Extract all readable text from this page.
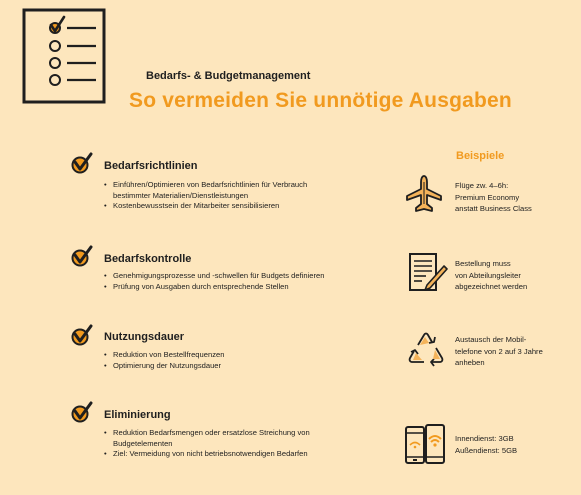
Bedarfs- & Budgetmanagement
So vermeiden Sie unnötige Ausgaben
Beispiele
Bedarfsrichtlinien
• Einführen/Optimieren von Bedarfsrichtlinien für Verbrauch
bestimmter Materialien/Dienstleistungen
• Kostenbewusstsein der Mitarbeiter sensibilisieren
Bedarfskontrolle
• Genehmigungsprozesse und -schwellen für Budgets definieren
• Prüfung von Ausgaben durch entsprechende Stellen
Nutzungsdauer
• Reduktion von Bestellfrequenzen
• Optimierung der Nutzungsdauer
Eliminierung
• Reduktion Bedarfsmengen oder ersatzlose Streichung von
Budgetelementen
• Ziel: Vermeidung von nicht betriebsnotwendigen Bedarfen
Flüge zw. 4–6h:
Premium Economy
anstatt Business Class
Bestellung muss
von Abteilungsleiter
abgezeichnet werden
Austausch der Mobil-
telefone von 2 auf 3 Jahre
anheben
Innendienst: 3GB
Außendienst: 5GB
